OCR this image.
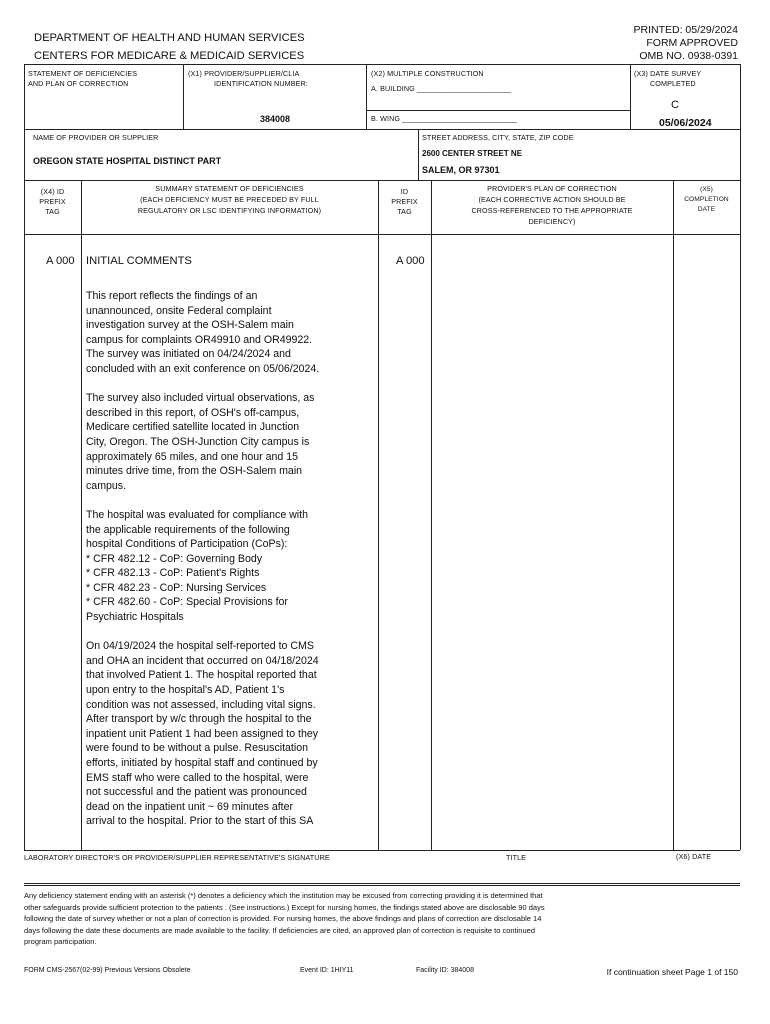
DEPARTMENT OF HEALTH AND HUMAN SERVICES
CENTERS FOR MEDICARE & MEDICAID SERVICES
PRINTED: 05/29/2024
FORM APPROVED
OMB NO. 0938-0391
STATEMENT OF DEFICIENCIES
AND PLAN OF CORRECTION
(X1) PROVIDER/SUPPLIER/CLIA
IDENTIFICATION NUMBER:
384008
(X2) MULTIPLE CONSTRUCTION
A. BUILDING _______________________
B. WING ____________________________
(X3) DATE SURVEY
COMPLETED
C
05/06/2024
NAME OF PROVIDER OR SUPPLIER
OREGON STATE HOSPITAL DISTINCT PART
STREET ADDRESS, CITY, STATE, ZIP CODE
2600 CENTER STREET NE
SALEM, OR 97301
(X4) ID
PREFIX
TAG
SUMMARY STATEMENT OF DEFICIENCIES
(EACH DEFICIENCY MUST BE PRECEDED BY FULL
REGULATORY OR LSC IDENTIFYING INFORMATION)
ID
PREFIX
TAG
PROVIDER'S PLAN OF CORRECTION
(EACH CORRECTIVE ACTION SHOULD BE
CROSS-REFERENCED TO THE APPROPRIATE
DEFICIENCY)
(X5)
COMPLETION
DATE
A 000 INITIAL COMMENTS	A 000
This report reflects the findings of an
unannounced, onsite Federal complaint
investigation survey at the OSH-Salem main
campus for complaints OR49910 and OR49922.
The survey was initiated on 04/24/2024 and
concluded with an exit conference on 05/06/2024.
The survey also included virtual observations, as
described in this report, of OSH's off-campus,
Medicare certified satellite located in Junction
City, Oregon. The OSH-Junction City campus is
approximately 65 miles, and one hour and 15
minutes drive time, from the OSH-Salem main
campus.
The hospital was evaluated for compliance with
the applicable requirements of the following
hospital Conditions of Participation (CoPs):
* CFR 482.12 - CoP: Governing Body
* CFR 482.13 - CoP: Patient's Rights
* CFR 482.23 - CoP: Nursing Services
* CFR 482.60 - CoP: Special Provisions for
Psychiatric Hospitals
On 04/19/2024 the hospital self-reported to CMS
and OHA an incident that occurred on 04/18/2024
that involved Patient 1. The hospital reported that
upon entry to the hospital's AD, Patient 1's
condition was not assessed, including vital signs.
After transport by w/c through the hospital to the
inpatient unit Patient 1 had been assigned to they
were found to be without a pulse. Resuscitation
efforts, initiated by hospital staff and continued by
EMS staff who were called to the hospital, were
not successful and the patient was pronounced
dead on the inpatient unit ~ 69 minutes after
arrival to the hospital. Prior to the start of this SA
LABORATORY DIRECTOR'S OR PROVIDER/SUPPLIER REPRESENTATIVE'S SIGNATURE	TITLE	(X6) DATE
Any deficiency statement ending with an asterisk (*) denotes a deficiency which the institution may be excused from correcting providing it is determined that
other safeguards provide sufficient protection to the patients . (See instructions.) Except for nursing homes, the findings stated above are disclosable 90 days
following the date of survey whether or not a plan of correction is provided. For nursing homes, the above findings and plans of correction are disclosable 14
days following the date these documents are made available to the facility. If deficiencies are cited, an approved plan of correction is requisite to continued
program participation.
FORM CMS-2567(02-99) Previous Versions Obsolete	Event ID: 1HIY11	Facility ID: 384008	If continuation sheet Page 1 of 150
